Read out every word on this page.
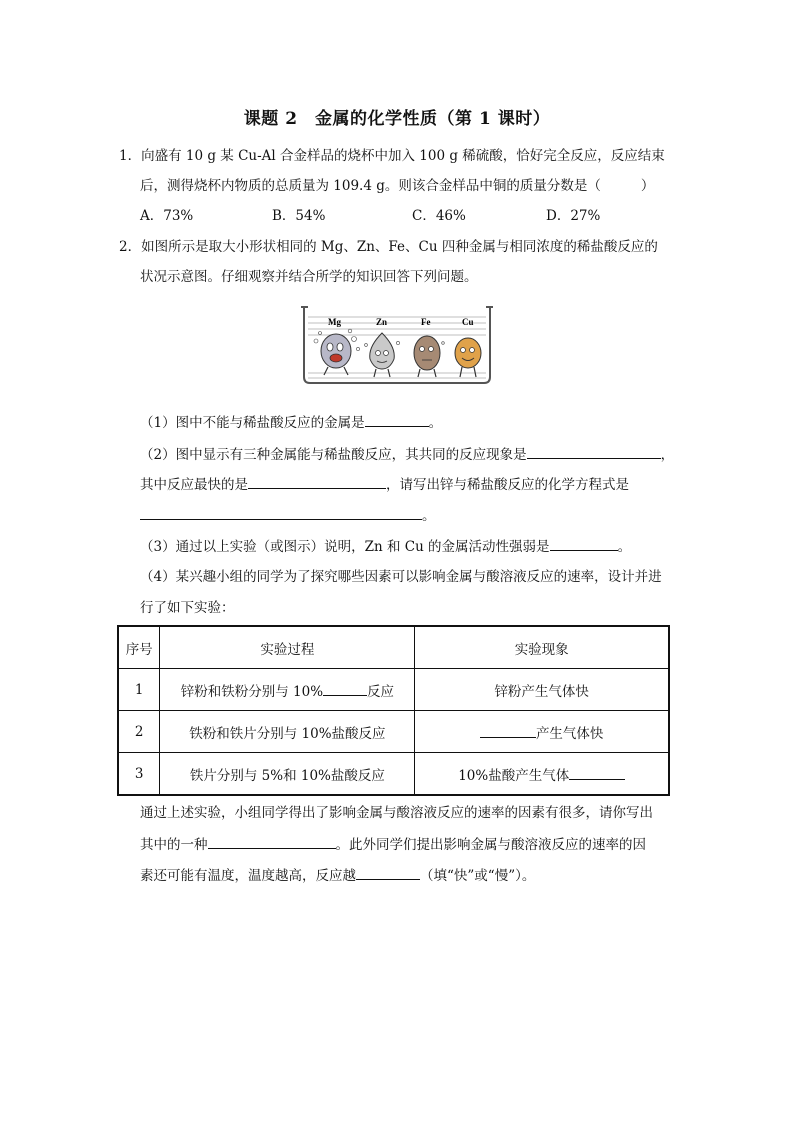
课题 2　金属的化学性质（第 1 课时）
1．向盛有 10 g 某 Cu-Al 合金样品的烧杯中加入 100 g 稀硫酸，恰好完全反应，反应结束
后，测得烧杯内物质的总质量为 109.4 g。则该合金样品中铜的质量分数是（	）
A．73%	B．54%	C．46%	D．27%
2．如图所示是取大小形状相同的 Mg、Zn、Fe、Cu 四种金属与相同浓度的稀盐酸反应的
状况示意图。仔细观察并结合所学的知识回答下列问题。
Mg	Zn	Fe	Cu
（1）图中不能与稀盐酸反应的金属是	。
（2）图中显示有三种金属能与稀盐酸反应，其共同的反应现象是	，
其中反应最快的是	，请写出锌与稀盐酸反应的化学方程式是
。
（3）通过以上实验（或图示）说明，Zn 和 Cu 的金属活动性强弱是	。
（4）某兴趣小组的同学为了探究哪些因素可以影响金属与酸溶液反应的速率，设计并进
行了如下实验：
序号	实验过程	实验现象
1	锌粉和铁粉分别与 10% 反应	锌粉产生气体快
2	铁粉和铁片分别与 10%盐酸反应	产生气体快
3	铁片分别与 5%和 10%盐酸反应	10%盐酸产生气体
通过上述实验，小组同学得出了影响金属与酸溶液反应的速率的因素有很多，请你写出
其中的一种	。此外同学们提出影响金属与酸溶液反应的速率的因
素还可能有温度，温度越高，反应越	（填“快”或“慢”）。
